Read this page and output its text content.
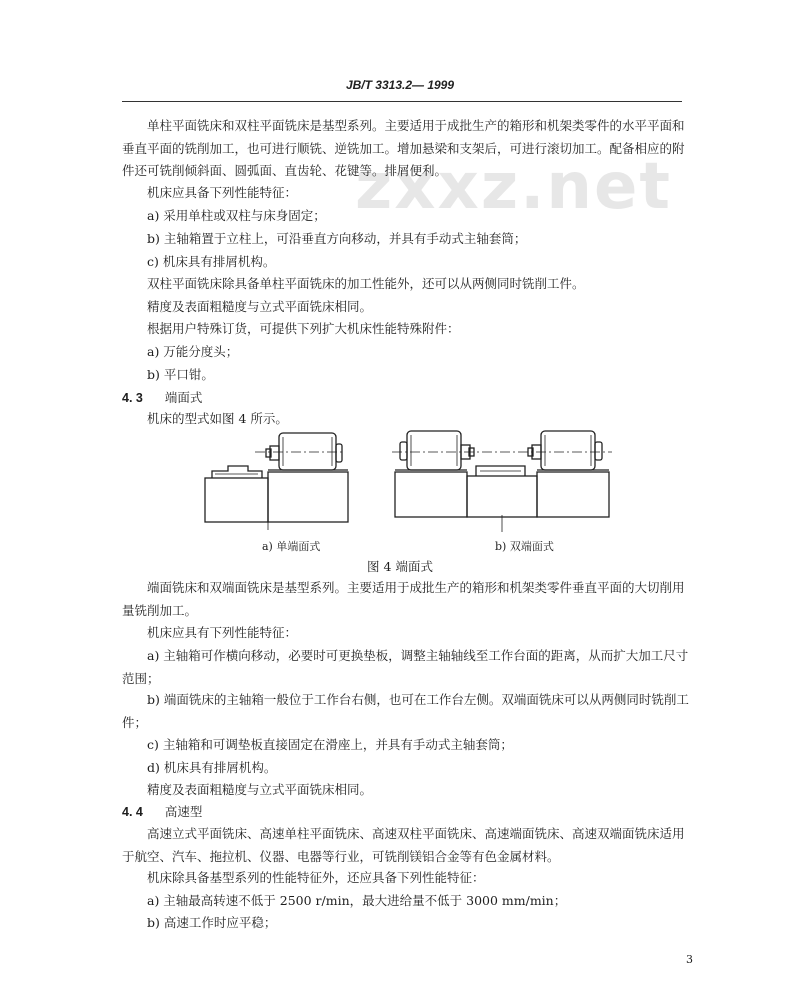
JB/T 3313.2— 1999
zxxz.net

单柱平面铣床和双柱平面铣床是基型系列。主要适用于成批生产的箱形和机架类零件的水平平面和垂直平面的铣削加工，也可进行顺铣、逆铣加工。增加悬梁和支架后，可进行滚切加工。配备相应的附件还可铣削倾斜面、圆弧面、直齿轮、花键等。排屑便利。

机床应具备下列性能特征：

a) 采用单柱或双柱与床身固定；

b) 主轴箱置于立柱上，可沿垂直方向移动，并具有手动式主轴套筒；

c) 机床具有排屑机构。

双柱平面铣床除具备单柱平面铣床的加工性能外，还可以从两侧同时铣削工件。

精度及表面粗糙度与立式平面铣床相同。

根据用户特殊订货，可提供下列扩大机床性能特殊附件：

a) 万能分度头；

b) 平口钳。

4. 3 端面式

机床的型式如图 4 所示。

a) 单端面式	b) 双端面式
图 4 端面式

端面铣床和双端面铣床是基型系列。主要适用于成批生产的箱形和机架类零件垂直平面的大切削用量铣削加工。

机床应具有下列性能特征：

a) 主轴箱可作横向移动，必要时可更换垫板，调整主轴轴线至工作台面的距离，从而扩大加工尺寸范围；

b) 端面铣床的主轴箱一般位于工作台右侧，也可在工作台左侧。双端面铣床可以从两侧同时铣削工件；

c) 主轴箱和可调垫板直接固定在滑座上，并具有手动式主轴套筒；

d) 机床具有排屑机构。

精度及表面粗糙度与立式平面铣床相同。

4. 4 高速型

高速立式平面铣床、高速单柱平面铣床、高速双柱平面铣床、高速端面铣床、高速双端面铣床适用于航空、汽车、拖拉机、仪器、电器等行业，可铣削镁铝合金等有色金属材料。

机床除具备基型系列的性能特征外，还应具备下列性能特征：

a) 主轴最高转速不低于 2500 r/min，最大进给量不低于 3000 mm/min；

b) 高速工作时应平稳；

3
